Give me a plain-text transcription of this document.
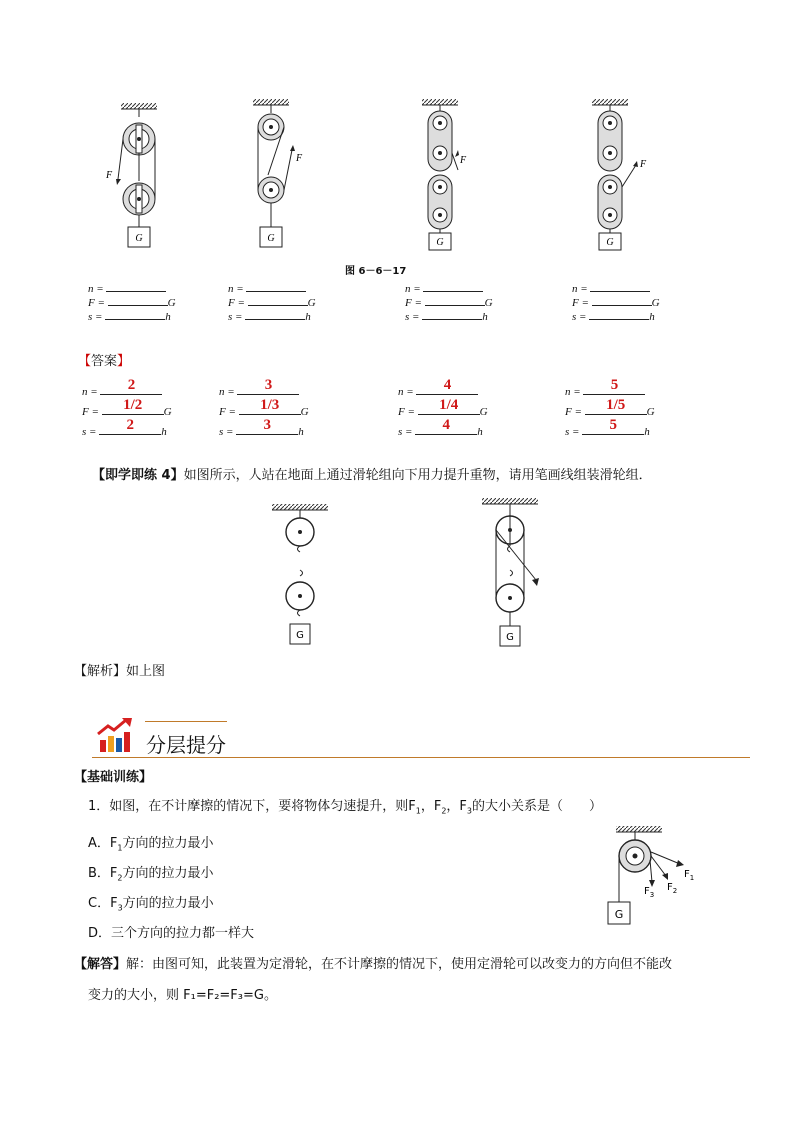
F
G
F
G
F
G
F
G
图 6－6－17
n =
F =	G
s =	h
n =
F =	G
s =	h
n =
F =	G
s =	h
n =
F =	G
s =	h
【答案】
n =	2
F =	1/2	G
s =	2	h
n =	3
F =	1/3	G
s =	3	h
n =	4
F =	1/4	G
s =	4	h
n =	5
F =	1/5	G
s =	5	h
【即学即练 4】如图所示，人站在地面上通过滑轮组向下用力提升重物，请用笔画线组装滑轮组．
G	G
【解析】如上图
分层提分
【基础训练】
1．如图，在不计摩擦的情况下，要将物体匀速提升，则$F_1$，$F_2$，$F_3$的大小关系是（　　）
A．$F_1$方向的拉力最小
B．$F_2$方向的拉力最小
C．$F_3$方向的拉力最小
D．三个方向的拉力都一样大
G
$F_1$
$F_2$
$F_3$
【解答】解：由图可知，此装置为定滑轮，在不计摩擦的情况下，使用定滑轮可以改变力的方向但不能改
变力的大小，则 F₁=F₂=F₃=G。
